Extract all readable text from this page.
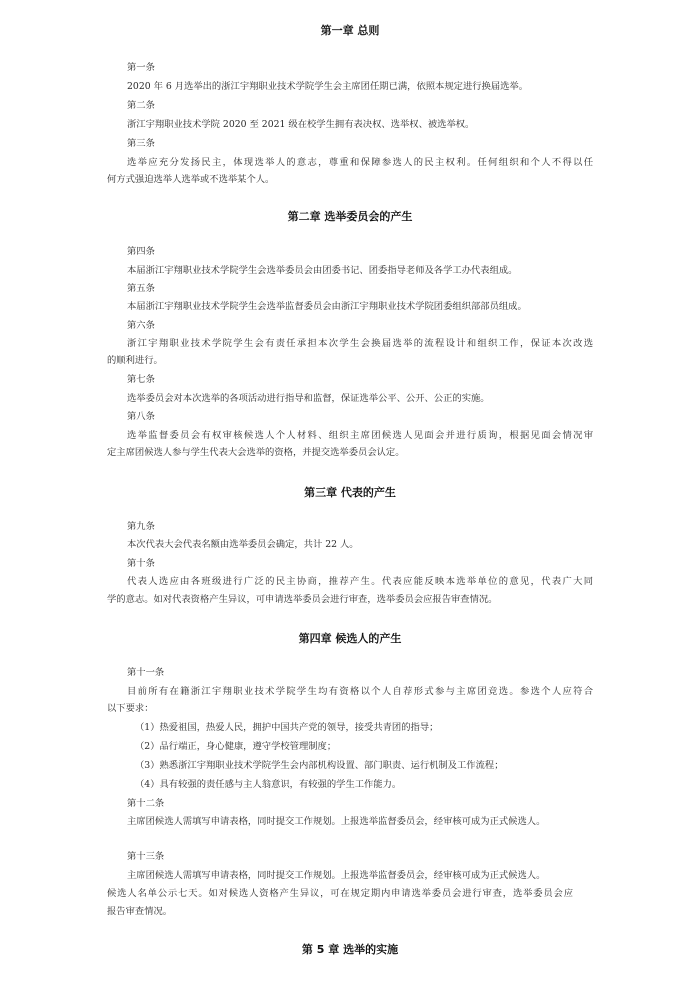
第一章 总则
第一条
2020 年 6 月选举出的浙江宇翔职业技术学院学生会主席团任期已满，依照本规定进行换届选举。
第二条
浙江宇翔职业技术学院 2020 至 2021 级在校学生拥有表决权、选举权、被选举权。
第三条
选举应充分发扬民主，体现选举人的意志，尊重和保障参选人的民主权利。任何组织和个人不得以任
何方式强迫选举人选举或不选举某个人。
第二章 选举委员会的产生
第四条
本届浙江宇翔职业技术学院学生会选举委员会由团委书记、团委指导老师及各学工办代表组成。
第五条
本届浙江宇翔职业技术学院学生会选举监督委员会由浙江宇翔职业技术学院团委组织部部员组成。
第六条
浙江宇翔职业技术学院学生会有责任承担本次学生会换届选举的流程设计和组织工作，保证本次改选
的顺利进行。
第七条
选举委员会对本次选举的各项活动进行指导和监督，保证选举公平、公开、公正的实施。
第八条
选举监督委员会有权审核候选人个人材料、组织主席团候选人见面会并进行质询，根据见面会情况审
定主席团候选人参与学生代表大会选举的资格，并提交选举委员会认定。
第三章 代表的产生
第九条
本次代表大会代表名额由选举委员会确定，共计 22 人。
第十条
代表人选应由各班级进行广泛的民主协商，推荐产生。代表应能反映本选举单位的意见，代表广大同
学的意志。如对代表资格产生异议，可申请选举委员会进行审查，选举委员会应报告审查情况。
第四章 候选人的产生
第十一条
目前所有在籍浙江宇翔职业技术学院学生均有资格以个人自荐形式参与主席团竞选。参选个人应符合
以下要求：
（1）热爱祖国，热爱人民，拥护中国共产党的领导，接受共青团的指导；
（2）品行端正，身心健康，遵守学校管理制度；
（3）熟悉浙江宇翔职业技术学院学生会内部机构设置、部门职责、运行机制及工作流程；
（4）具有较强的责任感与主人翁意识，有较强的学生工作能力。
第十二条
主席团候选人需填写申请表格，同时提交工作规划。上报选举监督委员会，经审核可成为正式候选人。
第十三条
主席团候选人需填写申请表格，同时提交工作规划。上报选举监督委员会，经审核可成为正式候选人。
候选人名单公示七天。如对候选人资格产生异议，可在规定期内申请选举委员会进行审查，选举委员会应
报告审查情况。
第 5 章 选举的实施
